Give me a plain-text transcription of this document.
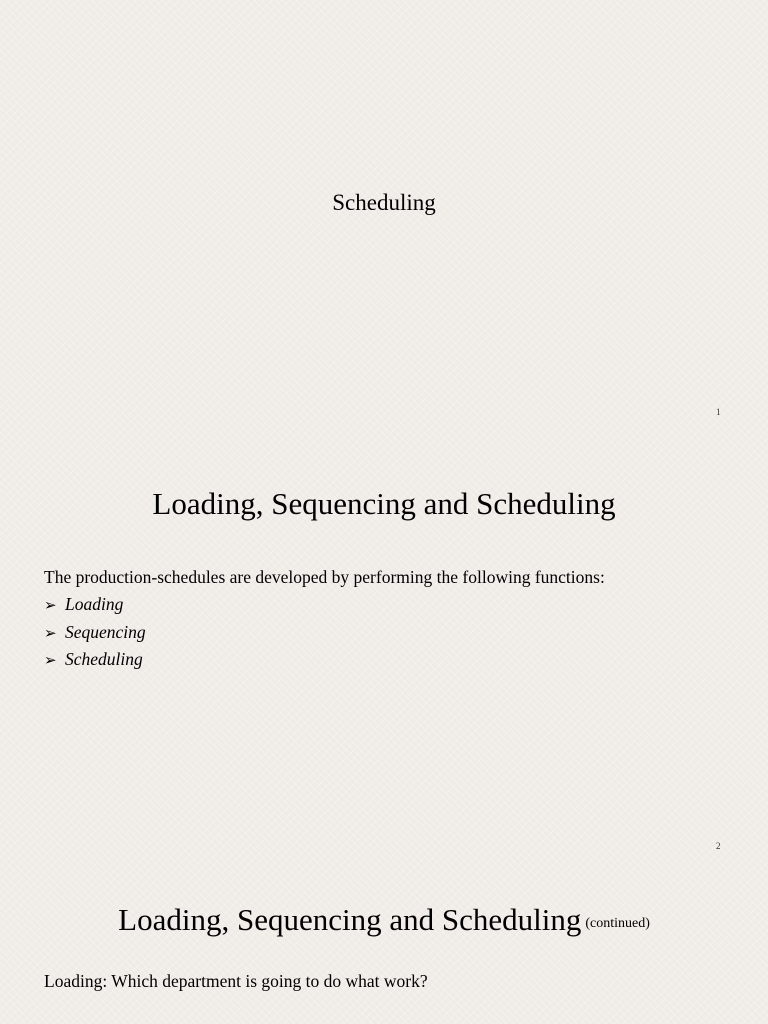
Scheduling
1
Loading, Sequencing and Scheduling
The production-schedules are developed by performing the following functions:
➢ Loading
➢ Sequencing
➢ Scheduling
2
Loading, Sequencing and Scheduling (continued)
Loading: Which department is going to do what work?
